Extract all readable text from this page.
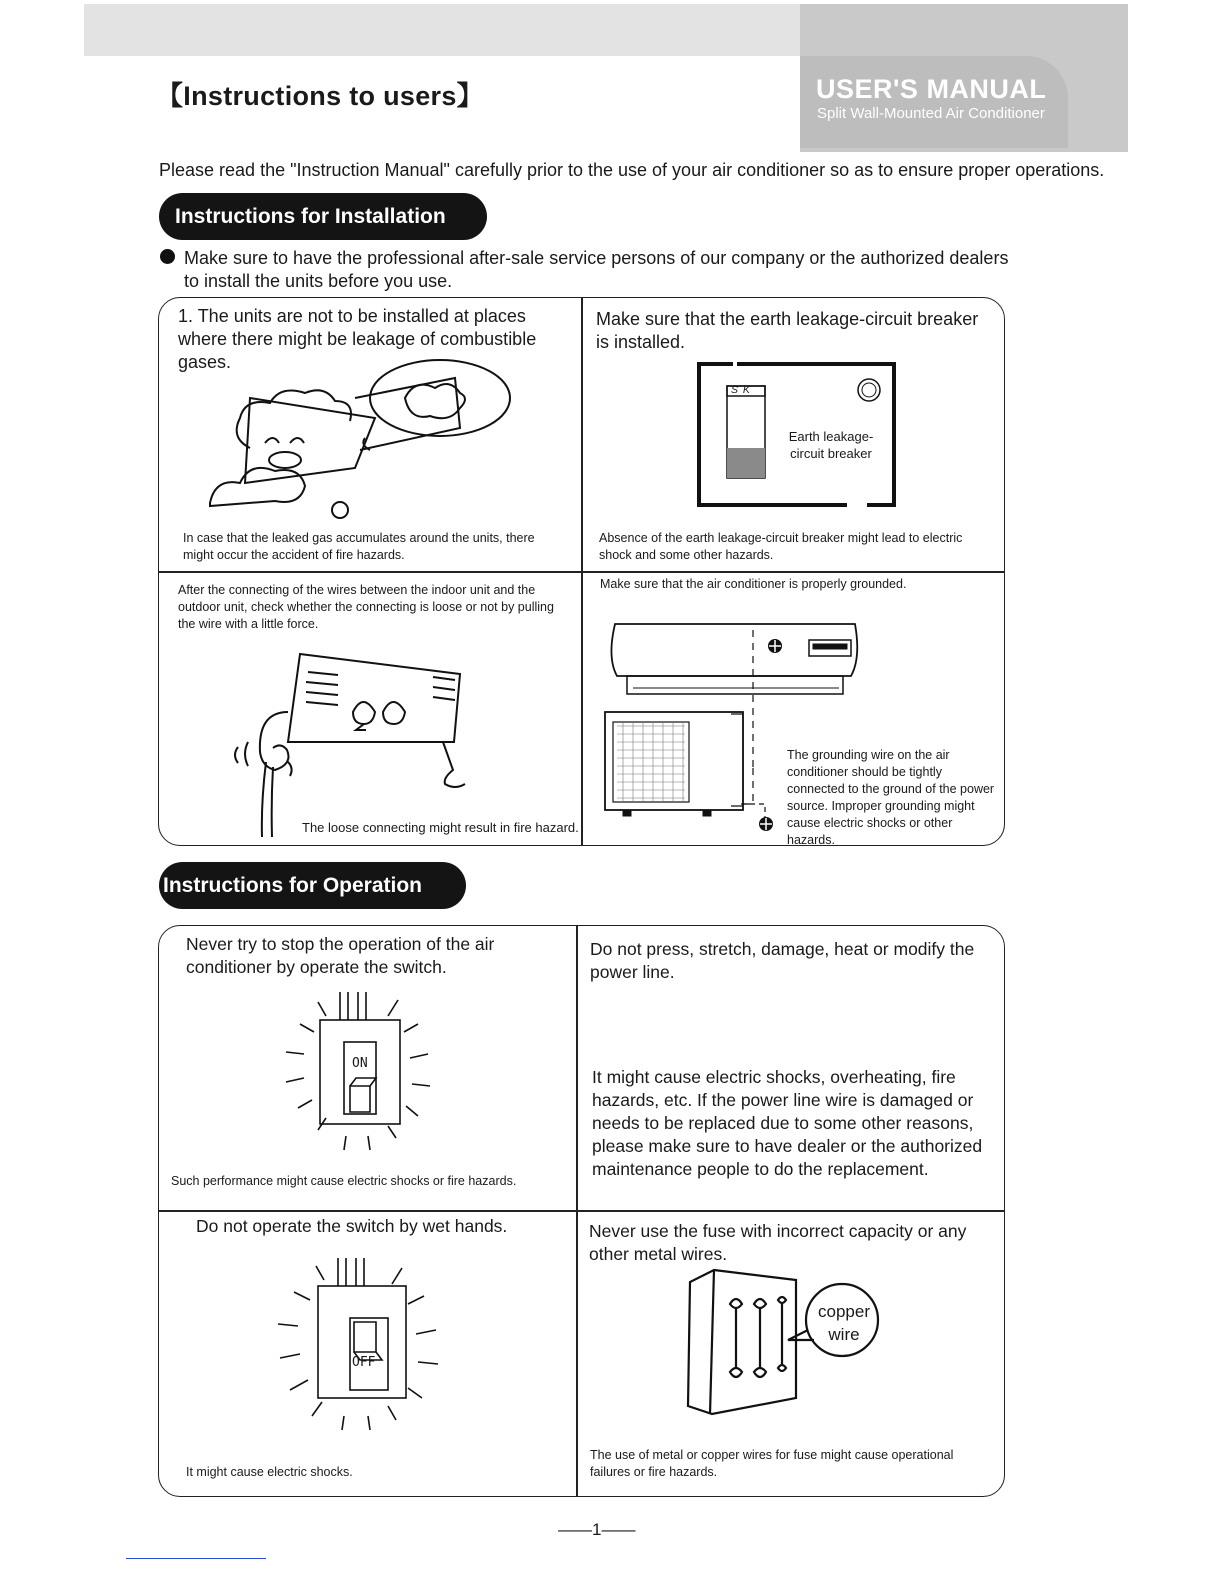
USER'S MANUAL
Split Wall-Mounted Air Conditioner
【Instructions to users】
Please read the "Instruction Manual" carefully prior to the use of your air conditioner so as to ensure proper operations.
Instructions for Installation
Make sure to have the professional after-sale service persons of our company or the authorized dealers to install the units before you use.
1. The units are not to be installed at places where there might be leakage of combustible gases.
In case that the leaked gas accumulates around the units, there might occur the accident of fire hazards.
Make sure that the earth leakage-circuit breaker is installed.
S K
Earth leakage-circuit breaker
Absence of the earth leakage-circuit breaker might lead to electric shock and some other hazards.
After the connecting of the wires between the indoor unit and the outdoor unit, check whether the connecting is loose or not by pulling the wire with a little force.
The loose connecting might result in fire hazard.
Make sure that the air conditioner is properly grounded.
The grounding wire on the air conditioner should be tightly connected to the ground of the power source. Improper grounding might cause electric shocks or other hazards.
Instructions for Operation
Never try to stop the operation of the air conditioner by operate the switch.
ON
Such performance might cause electric shocks or fire hazards.
Do not press, stretch, damage, heat or modify the power line.
It might cause electric shocks, overheating, fire hazards, etc. If the power line wire is damaged or needs to be replaced due to some other reasons, please make sure to have dealer or the authorized maintenance people to do the replacement.
Do not operate the switch by wet hands.
OFF
It might cause electric shocks.
Never use the fuse with incorrect capacity or any other metal wires.
copper
wire
The use of metal or copper wires for fuse might cause operational failures or fire hazards.
——1——
